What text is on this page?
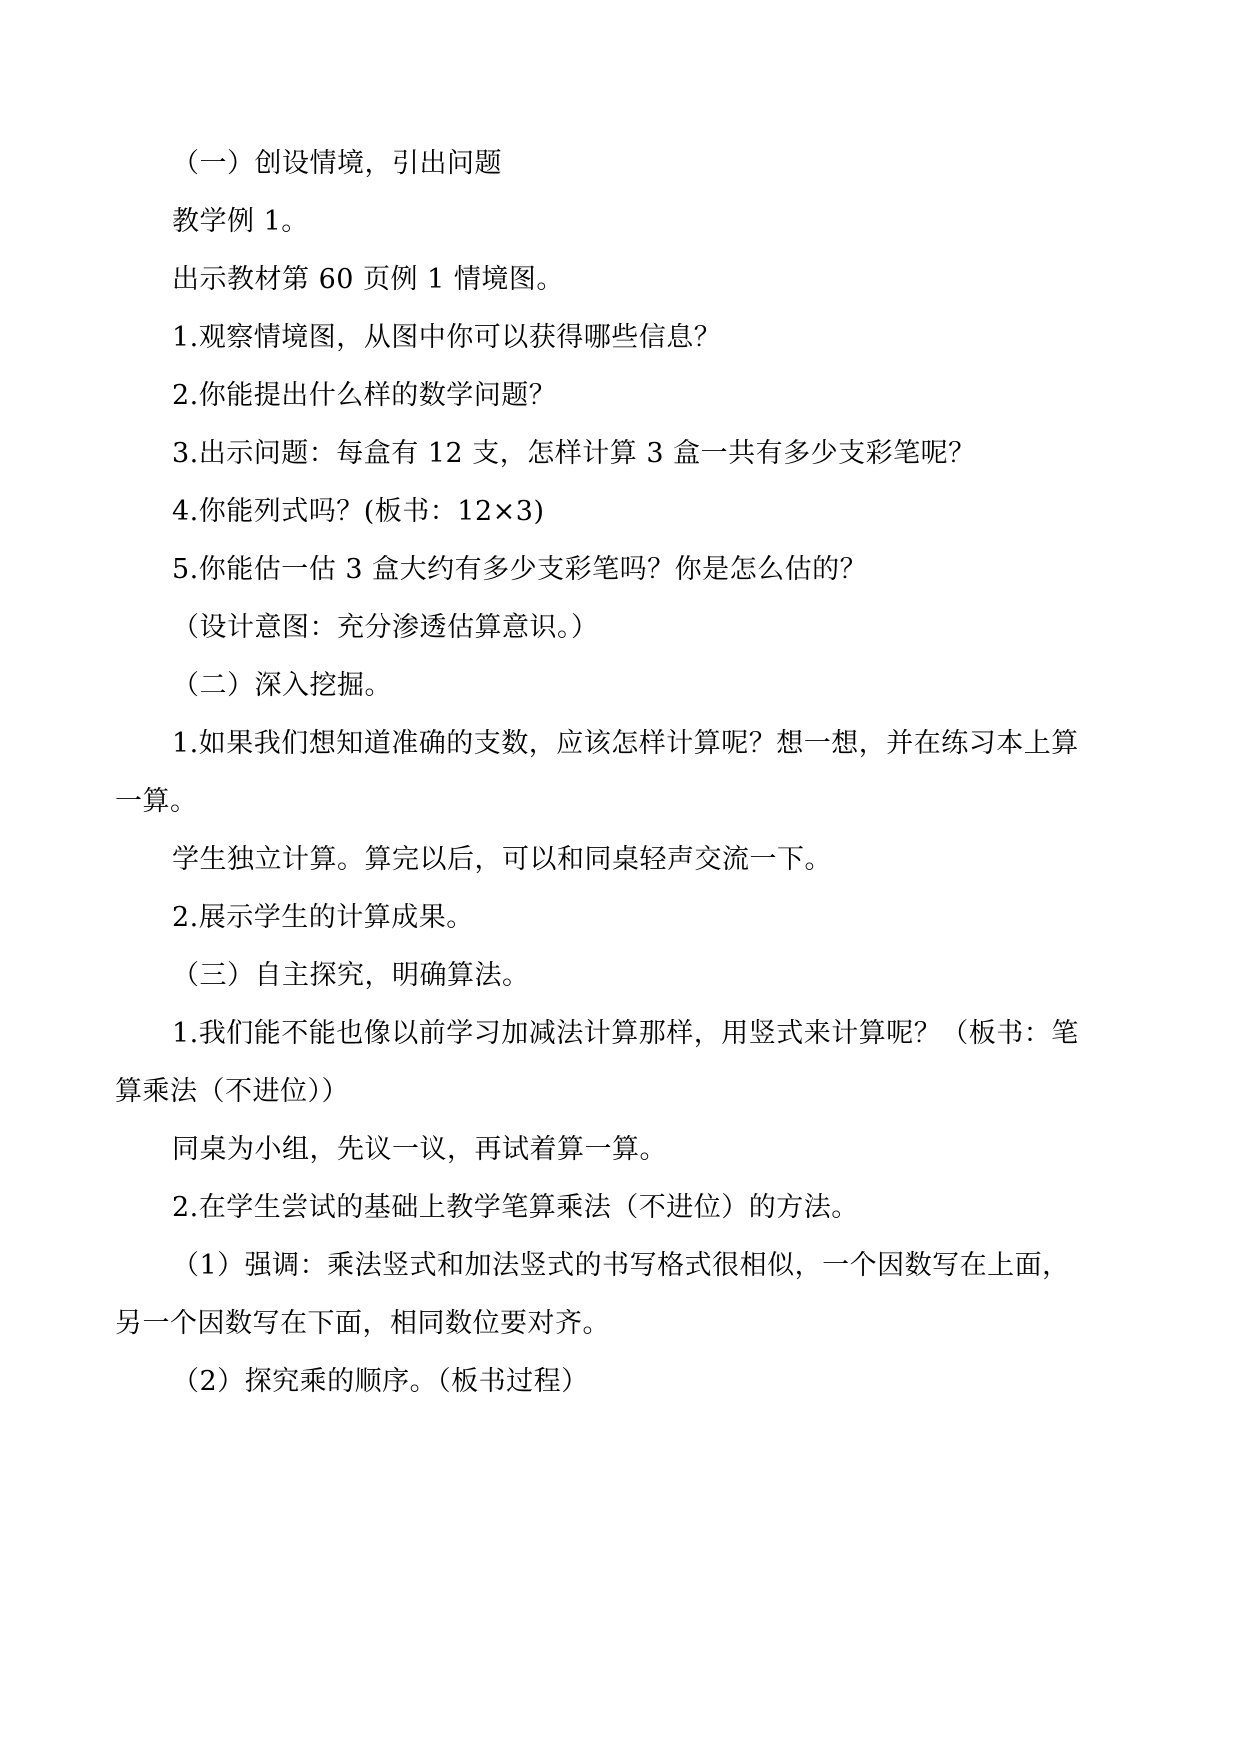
（一）创设情境，引出问题
教学例 1。
出示教材第 60 页例 1 情境图。
1.观察情境图，从图中你可以获得哪些信息？
2.你能提出什么样的数学问题？
3.出示问题：每盒有 12 支，怎样计算 3 盒一共有多少支彩笔呢？
4.你能列式吗？(板书：12×3)
5.你能估一估 3 盒大约有多少支彩笔吗？你是怎么估的？
（设计意图：充分渗透估算意识。）
（二）深入挖掘。
1.如果我们想知道准确的支数，应该怎样计算呢？想一想，并在练习本上算
一算。
学生独立计算。算完以后，可以和同桌轻声交流一下。
2.展示学生的计算成果。
（三）自主探究，明确算法。
1.我们能不能也像以前学习加减法计算那样，用竖式来计算呢？（板书：笔
算乘法（不进位））
同桌为小组，先议一议，再试着算一算。
2.在学生尝试的基础上教学笔算乘法（不进位）的方法。
（1）强调：乘法竖式和加法竖式的书写格式很相似，一个因数写在上面，
另一个因数写在下面，相同数位要对齐。
（2）探究乘的顺序。（板书过程）
